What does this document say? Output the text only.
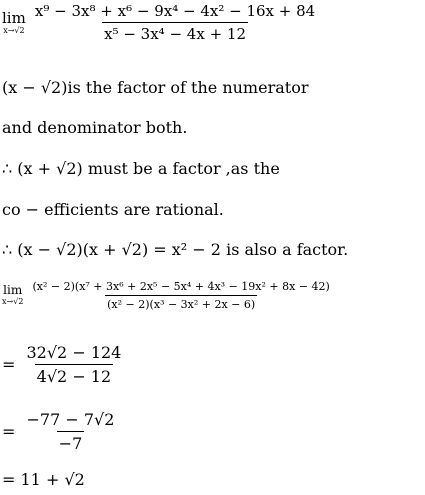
lim
x→√2
$\frac{\text{x⁹ − 3x⁸ + x⁶ − 9x⁴ − 4x² − 16x + 84}}{\text{x⁵ − 3x⁴ − 4x + 12}}$
(x − √2)is the factor of the numerator
and denominator both.
∴ (x + √2) must be a factor ,as the
co − efficients are rational.
∴ (x − √2)(x + √2) = x² − 2 is also a factor.
lim
x→√2
$\frac{\text{(x² − 2)(x⁷ + 3x⁶ + 2x⁵ − 5x⁴ + 4x³ − 19x² + 8x − 42)}}{\text{(x² − 2)(x³ − 3x² + 2x − 6)}}$
= $\frac{32√2 - 124}{4√2 - 12}$
= $\frac{-77 - 7√2}{-7}$
= 11 + √2
